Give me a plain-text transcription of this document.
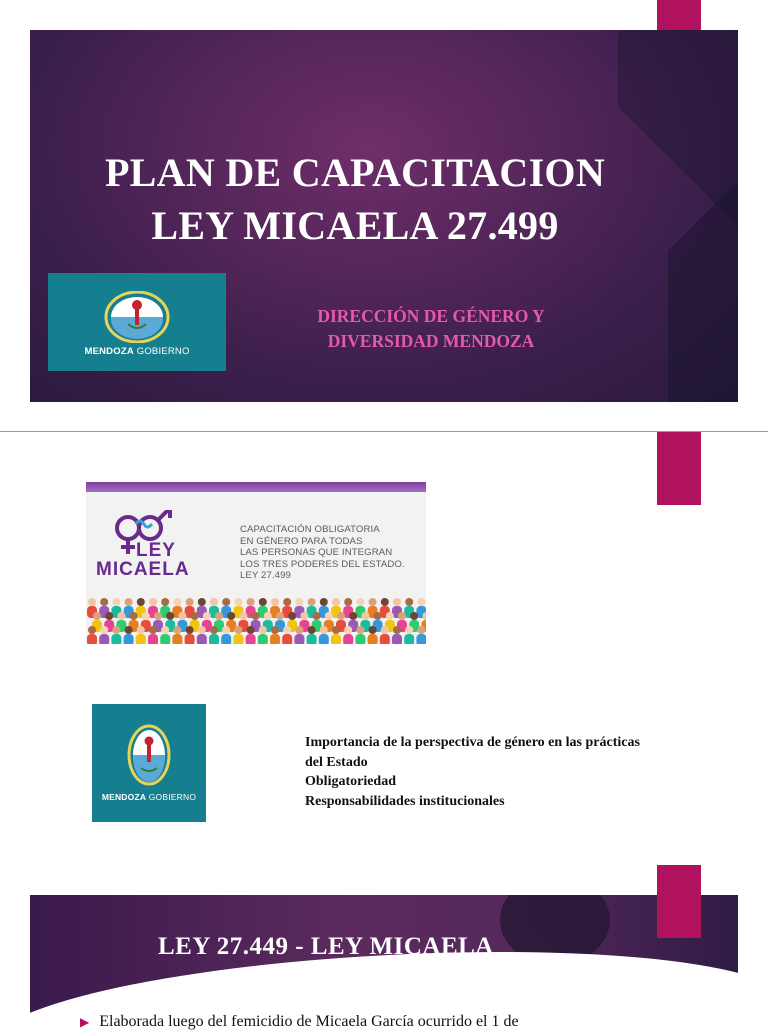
PLAN DE CAPACITACION
LEY MICAELA 27.499
DIRECCIÓN DE GÉNERO Y
DIVERSIDAD MENDOZA
MENDOZA GOBIERNO
LEY
MICAELA
CAPACITACIÓN OBLIGATORIA
EN GÉNERO PARA TODAS
LAS PERSONAS QUE INTEGRAN
LOS TRES PODERES DEL ESTADO.
LEY 27.499
MENDOZA GOBIERNO
Importancia de la perspectiva de género en las prácticas del Estado
Obligatoriedad
Responsabilidades institucionales
LEY 27.449 - LEY MICAELA
▶ Elaborada luego del femicidio de Micaela García ocurrido el 1 de
